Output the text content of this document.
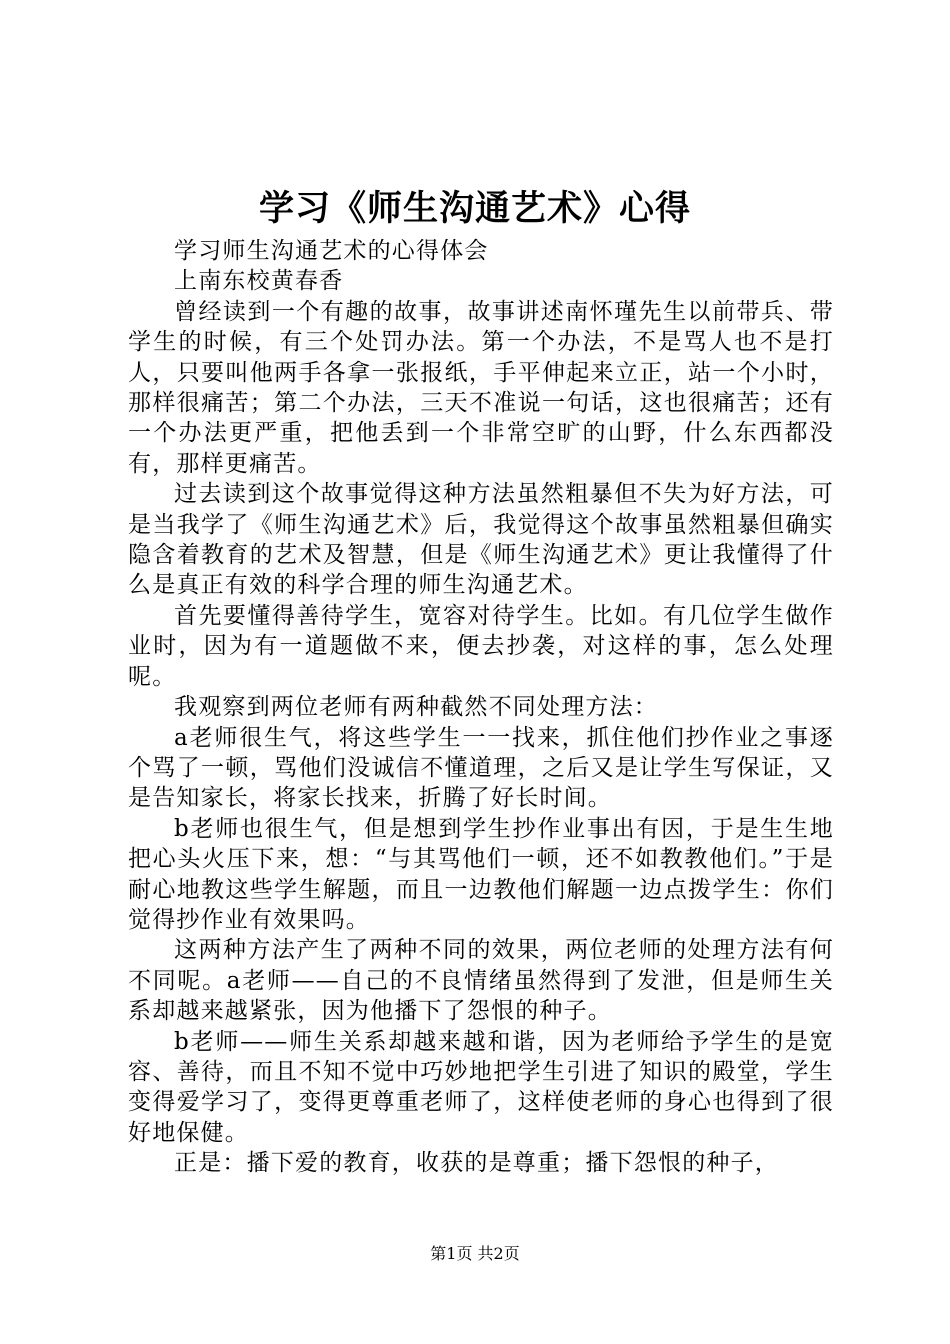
学习《师生沟通艺术》心得

学习师生沟通艺术的心得体会

上南东校黄春香

曾经读到一个有趣的故事，故事讲述南怀瑾先生以前带兵、带学生的时候，有三个处罚办法。第一个办法，不是骂人也不是打人，只要叫他两手各拿一张报纸，手平伸起来立正，站一个小时，那样很痛苦；第二个办法，三天不准说一句话，这也很痛苦；还有一个办法更严重，把他丢到一个非常空旷的山野，什么东西都没有，那样更痛苦。

过去读到这个故事觉得这种方法虽然粗暴但不失为好方法，可是当我学了《师生沟通艺术》后，我觉得这个故事虽然粗暴但确实隐含着教育的艺术及智慧，但是《师生沟通艺术》更让我懂得了什么是真正有效的科学合理的师生沟通艺术。

首先要懂得善待学生，宽容对待学生。比如。有几位学生做作业时，因为有一道题做不来，便去抄袭，对这样的事，怎么处理呢。

我观察到两位老师有两种截然不同处理方法：

a老师很生气，将这些学生一一找来，抓住他们抄作业之事逐个骂了一顿，骂他们没诚信不懂道理，之后又是让学生写保证，又是告知家长，将家长找来，折腾了好长时间。

b老师也很生气，但是想到学生抄作业事出有因，于是生生地把心头火压下来，想：“与其骂他们一顿，还不如教教他们。”于是耐心地教这些学生解题，而且一边教他们解题一边点拨学生：你们觉得抄作业有效果吗。

这两种方法产生了两种不同的效果，两位老师的处理方法有何不同呢。a老师——自己的不良情绪虽然得到了发泄，但是师生关系却越来越紧张，因为他播下了怨恨的种子。

b老师——师生关系却越来越和谐，因为老师给予学生的是宽容、善待，而且不知不觉中巧妙地把学生引进了知识的殿堂，学生变得爱学习了，变得更尊重老师了，这样使老师的身心也得到了很好地保健。

正是：播下爱的教育，收获的是尊重；播下怨恨的种子，

第1页 共2页
